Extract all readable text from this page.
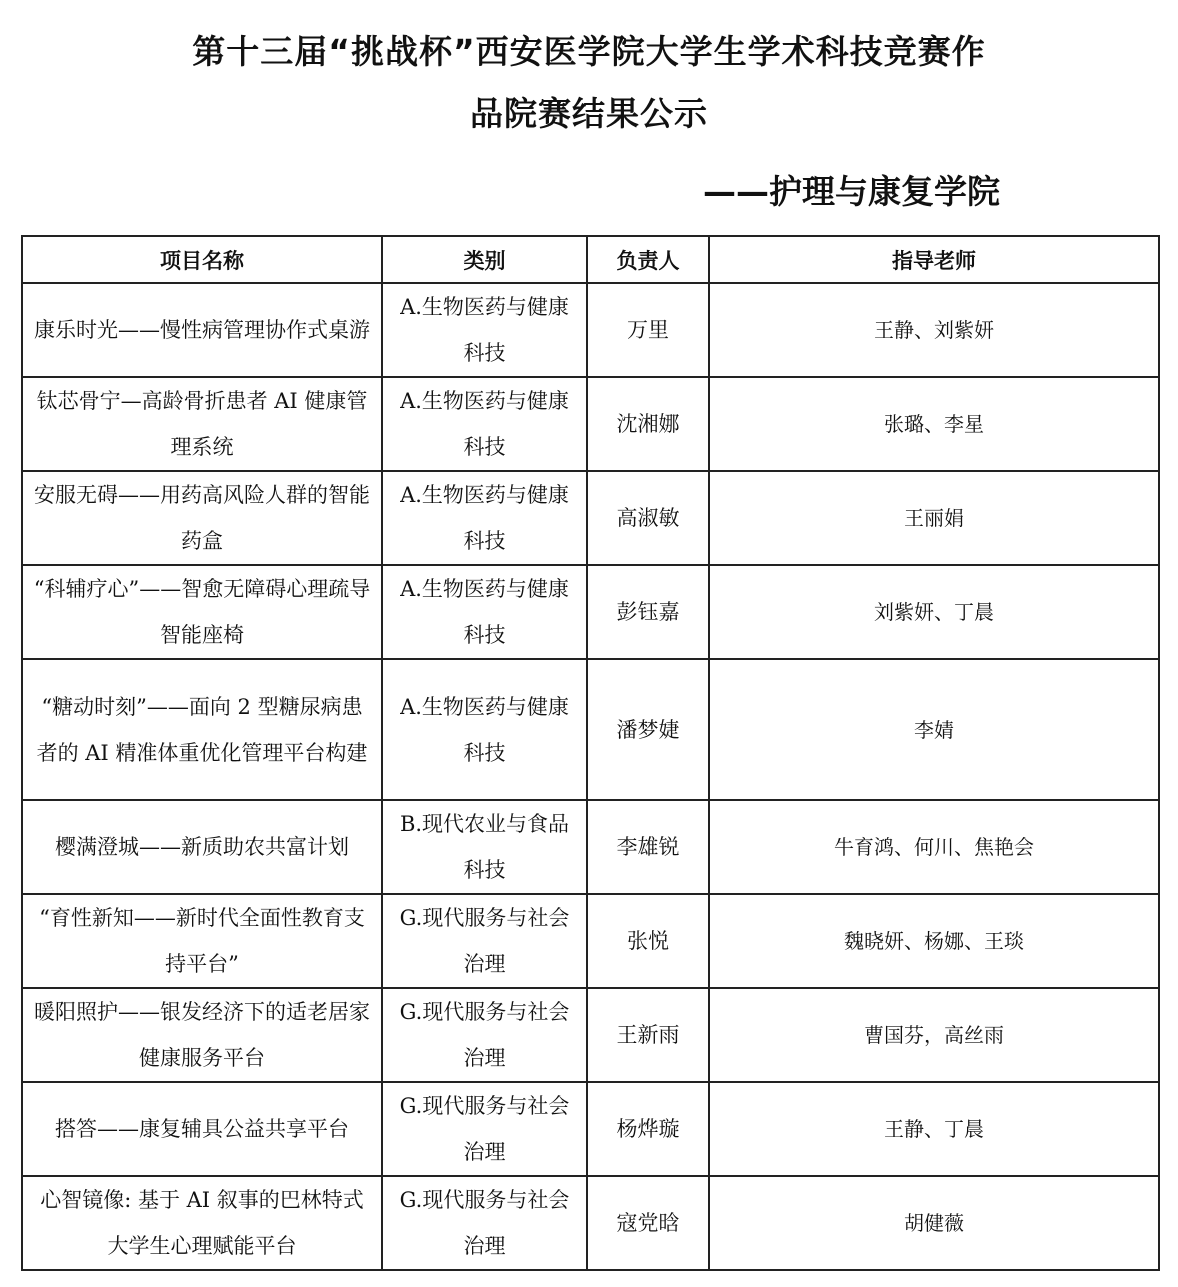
第十三届“挑战杯”西安医学院大学生学术科技竞赛作
品院赛结果公示
——护理与康复学院
项目名称	类别	负责人	指导老师
康乐时光——慢性病管理协作式桌游	A.生物医药与健康科技	万里	王静、刘紫妍
钛芯骨宁—高龄骨折患者 AI 健康管理系统	A.生物医药与健康科技	沈湘娜	张璐、李星
安服无碍——用药高风险人群的智能药盒	A.生物医药与健康科技	高淑敏	王丽娟
“科辅疗心”——智愈无障碍心理疏导智能座椅	A.生物医药与健康科技	彭钰嘉	刘紫妍、丁晨
“糖动时刻”——面向 2 型糖尿病患者的 AI 精准体重优化管理平台构建	A.生物医药与健康科技	潘梦婕	李婧
樱满澄城——新质助农共富计划	B.现代农业与食品科技	李雄锐	牛育鸿、何川、焦艳会
“育性新知——新时代全面性教育支持平台”	G.现代服务与社会治理	张悦	魏晓妍、杨娜、王琰
暖阳照护——银发经济下的适老居家健康服务平台	G.现代服务与社会治理	王新雨	曹国芬，高丝雨
搭答——康复辅具公益共享平台	G.现代服务与社会治理	杨烨璇	王静、丁晨
心智镜像: 基于 AI 叙事的巴林特式大学生心理赋能平台	G.现代服务与社会治理	寇党晗	胡健薇
